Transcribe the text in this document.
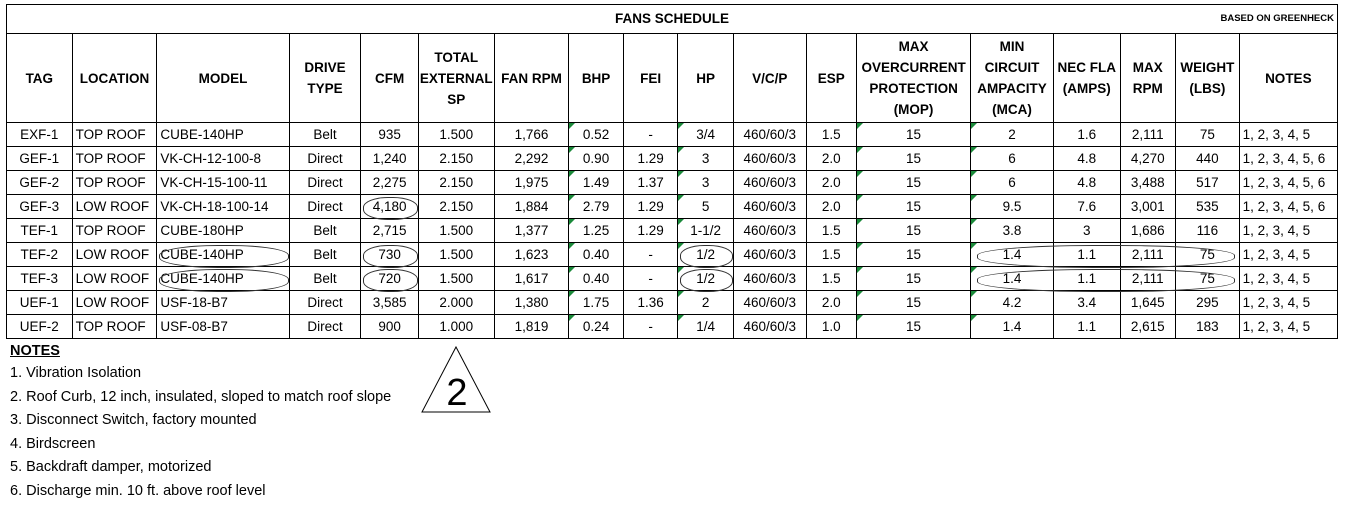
FANS SCHEDULE BASED ON GREENHECK																	

TAG	LOCATION	MODEL	DRIVE TYPE	CFM	TOTAL EXTERNAL SP	FAN RPM	BHP	FEI	HP	V/C/P	ESP	MAX OVERCURRENT PROTECTION (MOP)	MIN CIRCUIT AMPACITY (MCA)	NEC FLA (AMPS)	MAX RPM	WEIGHT (LBS)	NOTES
EXF-1	TOP ROOF	CUBE-140HP	Belt	935	1.500	1,766	0.52	-	3/4	460/60/3	1.5	15	2	1.6	2,111	75	1, 2, 3, 4, 5
GEF-1	TOP ROOF	VK-CH-12-100-8	Direct	1,240	2.150	2,292	0.90	1.29	3	460/60/3	2.0	15	6	4.8	4,270	440	1, 2, 3, 4, 5, 6
GEF-2	TOP ROOF	VK-CH-15-100-11	Direct	2,275	2.150	1,975	1.49	1.37	3	460/60/3	2.0	15	6	4.8	3,488	517	1, 2, 3, 4, 5, 6
GEF-3	LOW ROOF	VK-CH-18-100-14	Direct	4,180	2.150	1,884	2.79	1.29	5	460/60/3	2.0	15	9.5	7.6	3,001	535	1, 2, 3, 4, 5, 6
TEF-1	TOP ROOF	CUBE-180HP	Belt	2,715	1.500	1,377	1.25	1.29	1-1/2	460/60/3	1.5	15	3.8	3	1,686	116	1, 2, 3, 4, 5
TEF-2	LOW ROOF	CUBE-140HP	Belt	730	1.500	1,623	0.40	-	1/2	460/60/3	1.5	15	1.4	1.1	2,111	75	1, 2, 3, 4, 5
TEF-3	LOW ROOF	CUBE-140HP	Belt	720	1.500	1,617	0.40	-	1/2	460/60/3	1.5	15	1.4	1.1	2,111	75	1, 2, 3, 4, 5
UEF-1	LOW ROOF	USF-18-B7	Direct	3,585	2.000	1,380	1.75	1.36	2	460/60/3	2.0	15	4.2	3.4	1,645	295	1, 2, 3, 4, 5
UEF-2	TOP ROOF	USF-08-B7	Direct	900	1.000	1,819	0.24	-	1/4	460/60/3	1.0	15	1.4	1.1	2,615	183	1, 2, 3, 4, 5
2
NOTES
1. Vibration Isolation
2. Roof Curb, 12 inch, insulated, sloped to match roof slope
3. Disconnect Switch, factory mounted
4. Birdscreen
5. Backdraft damper, motorized
6. Discharge min. 10 ft. above roof level
